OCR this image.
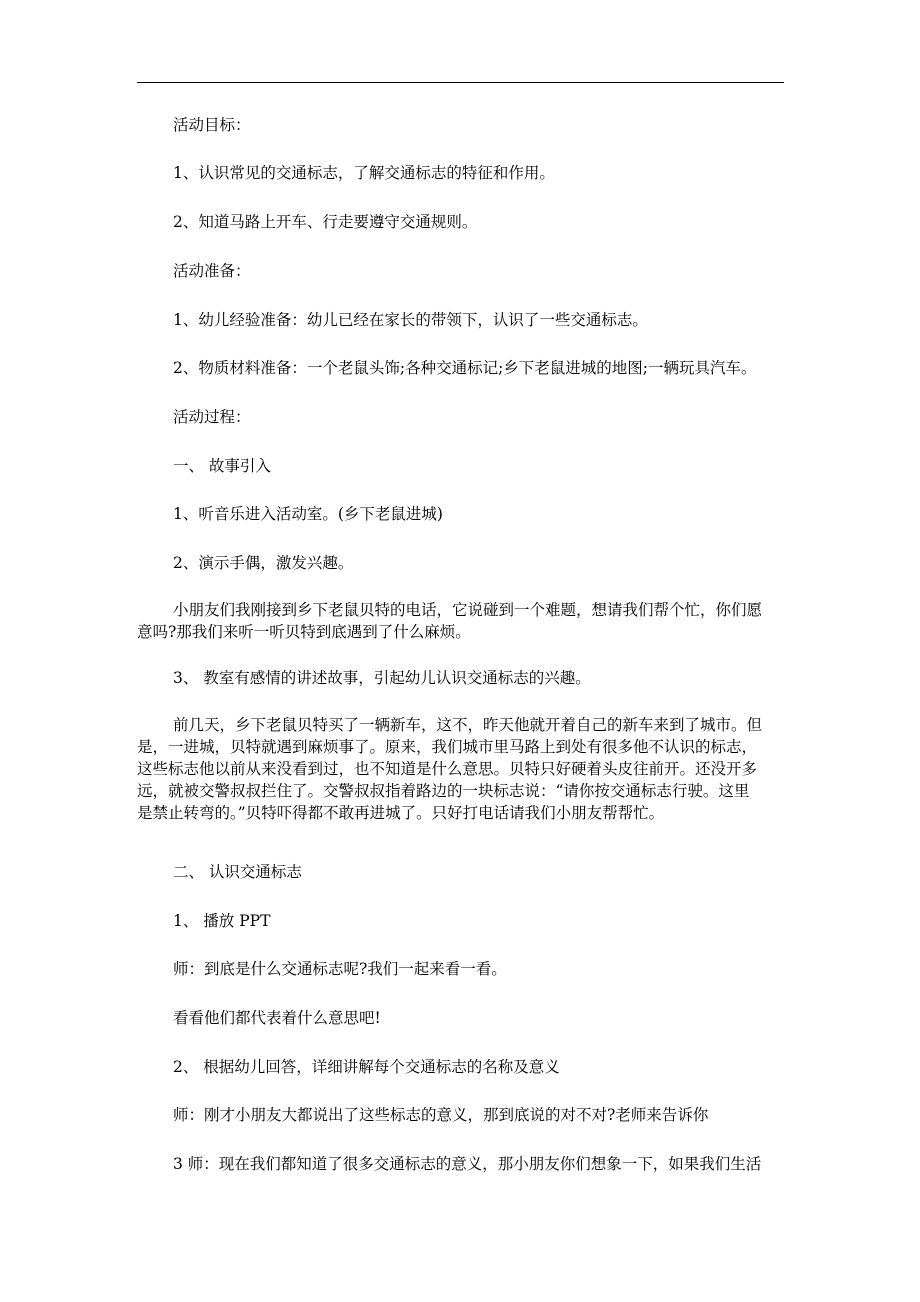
活动目标：
1、认识常见的交通标志，了解交通标志的特征和作用。
2、知道马路上开车、行走要遵守交通规则。
活动准备：
1、幼儿经验准备：幼儿已经在家长的带领下，认识了一些交通标志。
2、物质材料准备：一个老鼠头饰;各种交通标记;乡下老鼠进城的地图;一辆玩具汽车。
活动过程：
一、 故事引入
1、听音乐进入活动室。(乡下老鼠进城)
2、演示手偶，激发兴趣。
小朋友们我刚接到乡下老鼠贝特的电话，它说碰到一个难题，想请我们帮个忙，你们愿
意吗?那我们来听一听贝特到底遇到了什么麻烦。
3、 教室有感情的讲述故事，引起幼儿认识交通标志的兴趣。
前几天，乡下老鼠贝特买了一辆新车，这不，昨天他就开着自己的新车来到了城市。但
是，一进城，贝特就遇到麻烦事了。原来，我们城市里马路上到处有很多他不认识的标志，
这些标志他以前从来没看到过，也不知道是什么意思。贝特只好硬着头皮往前开。还没开多
远，就被交警叔叔拦住了。交警叔叔指着路边的一块标志说：“请你按交通标志行驶。这里
是禁止转弯的。”贝特吓得都不敢再进城了。只好打电话请我们小朋友帮帮忙。
二、 认识交通标志
1、 播放 PPT
师：到底是什么交通标志呢?我们一起来看一看。
看看他们都代表着什么意思吧!
2、 根据幼儿回答，详细讲解每个交通标志的名称及意义
师：刚才小朋友大都说出了这些标志的意义，那到底说的对不对?老师来告诉你
3 师：现在我们都知道了很多交通标志的意义，那小朋友你们想象一下，如果我们生活
